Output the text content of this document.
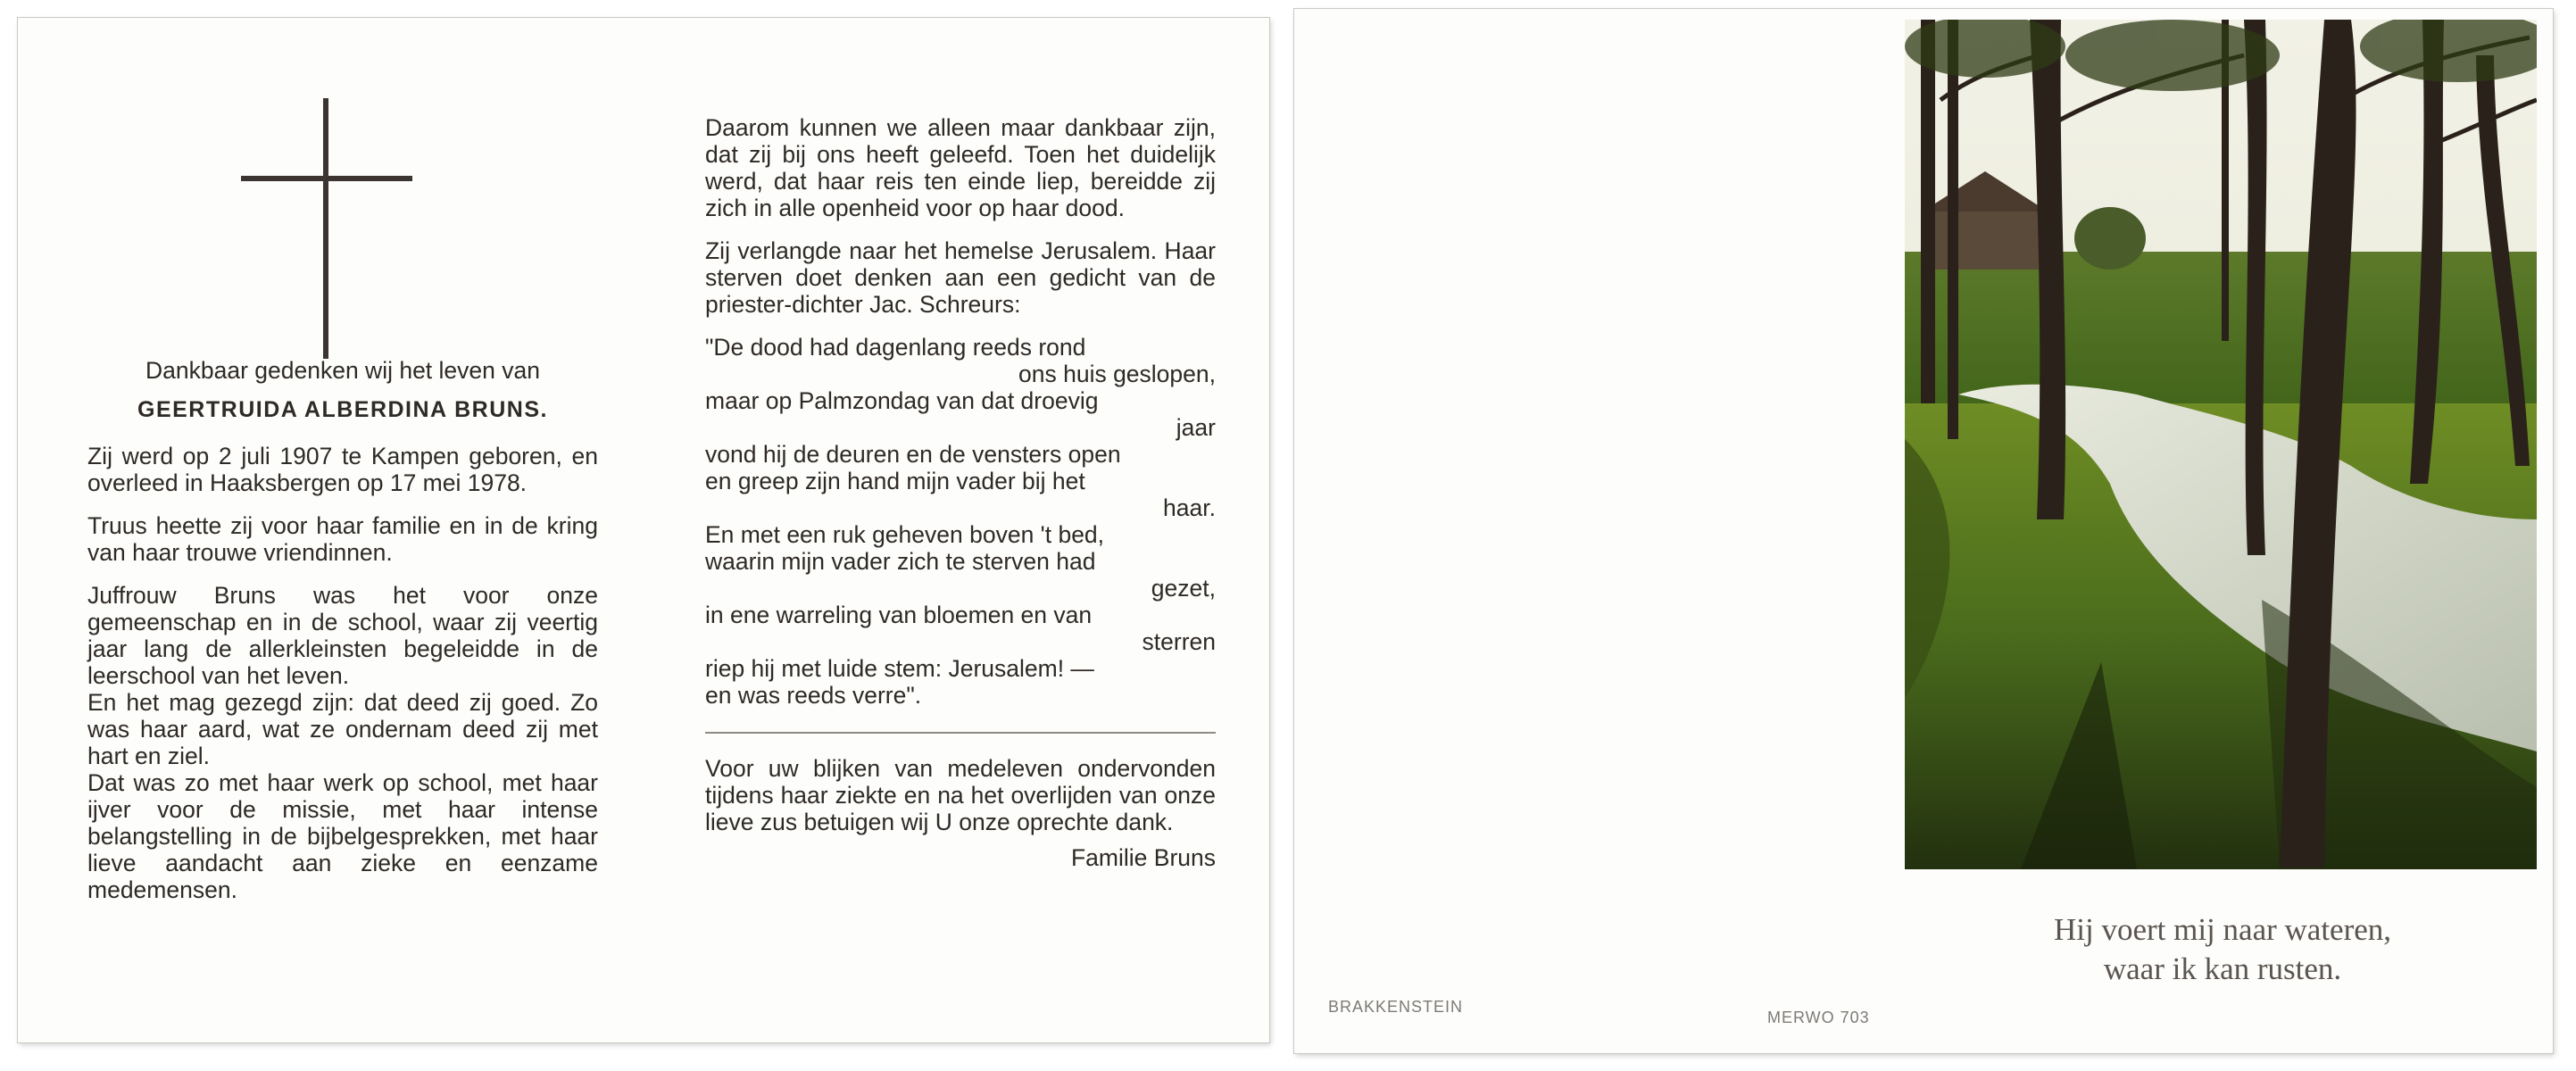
Dankbaar gedenken wij het leven van

GEERTRUIDA ALBERDINA BRUNS.

Zij werd op 2 juli 1907 te Kampen geboren, en overleed in Haaksbergen op 17 mei 1978.

Truus heette zij voor haar familie en in de kring van haar trouwe vriendinnen.

Juffrouw Bruns was het voor onze gemeenschap en in de school, waar zij veertig jaar lang de allerkleinsten begeleidde in de leerschool van het leven.

En het mag gezegd zijn: dat deed zij goed. Zo was haar aard, wat ze ondernam deed zij met hart en ziel.

Dat was zo met haar werk op school, met haar ijver voor de missie, met haar intense belangstelling in de bijbelgesprekken, met haar lieve aandacht aan zieke en eenzame medemensen.

Daarom kunnen we alleen maar dankbaar zijn, dat zij bij ons heeft geleefd. Toen het duidelijk werd, dat haar reis ten einde liep, bereidde zij zich in alle openheid voor op haar dood.

Zij verlangde naar het hemelse Jerusalem. Haar sterven doet denken aan een gedicht van de priester-dichter Jac. Schreurs:

"De dood had dagenlang reeds rond
ons huis geslopen,
maar op Palmzondag van dat droevig
jaar
vond hij de deuren en de vensters open
en greep zijn hand mijn vader bij het
haar.
En met een ruk geheven boven 't bed,
waarin mijn vader zich te sterven had
gezet,
in ene warreling van bloemen en van
sterren
riep hij met luide stem: Jerusalem! —
en was reeds verre".

Voor uw blijken van medeleven ondervonden tijdens haar ziekte en na het overlijden van onze lieve zus betuigen wij U onze oprechte dank.

Familie Bruns

Hij voert mij naar wateren,
waar ik kan rusten.
BRAKKENSTEIN
MERWO 703
